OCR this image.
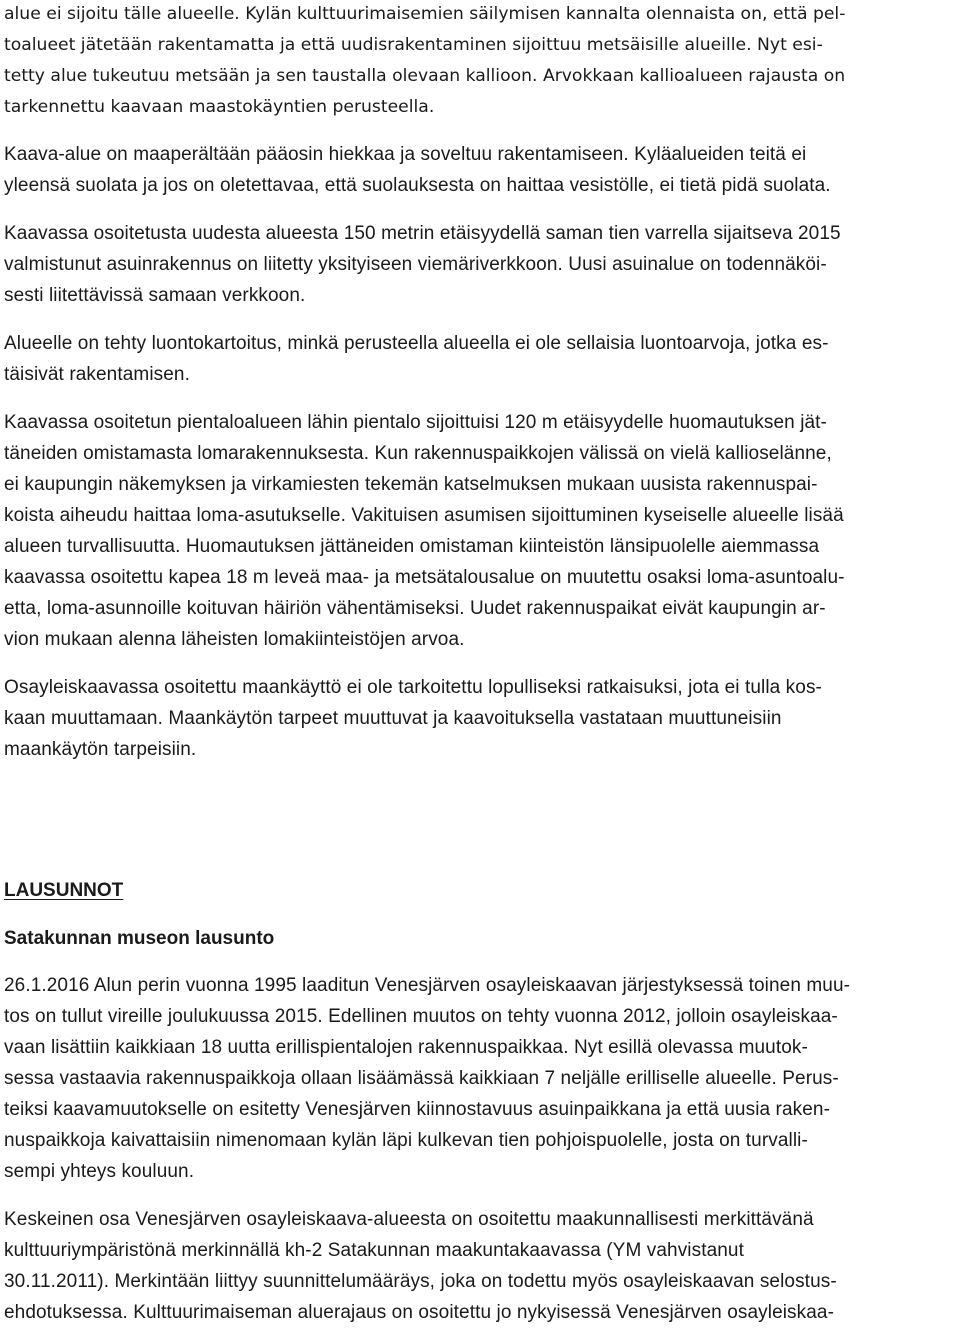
alue ei sijoitu tälle alueelle. Kylän kulttuurimaisemien säilymisen kannalta olennaista on, että pel-
toalueet jätetään rakentamatta ja että uudisrakentaminen sijoittuu metsäisille alueille. Nyt esi-
tetty alue tukeutuu metsään ja sen taustalla olevaan kallioon. Arvokkaan kallioalueen rajausta on
tarkennettu kaavaan maastokäyntien perusteella.
Kaava-alue on maaperältään pääosin hiekkaa ja soveltuu rakentamiseen. Kyläalueiden teitä ei
yleensä suolata ja jos on oletettavaa, että suolauksesta on haittaa vesistölle, ei tietä pidä suolata.
Kaavassa osoitetusta uudesta alueesta 150 metrin etäisyydellä saman tien varrella sijaitseva 2015
valmistunut asuinrakennus on liitetty yksityiseen viemäriverkkoon. Uusi asuinalue on todennäköi-
sesti liitettävissä samaan verkkoon.
Alueelle on tehty luontokartoitus, minkä perusteella alueella ei ole sellaisia luontoarvoja, jotka es-
täisivät rakentamisen.
Kaavassa osoitetun pientaloalueen lähin pientalo sijoittuisi 120 m etäisyydelle huomautuksen jät-
täneiden omistamasta lomarakennuksesta. Kun rakennuspaikkojen välissä on vielä kallioselänne,
ei kaupungin näkemyksen ja virkamiesten tekemän katselmuksen mukaan uusista rakennuspai-
koista aiheudu haittaa loma-asutukselle. Vakituisen asumisen sijoittuminen kyseiselle alueelle lisää
alueen turvallisuutta. Huomautuksen jättäneiden omistaman kiinteistön länsipuolelle aiemmassa
kaavassa osoitettu kapea 18 m leveä maa- ja metsätalousalue on muutettu osaksi loma-asuntoalu-
etta, loma-asunnoille koituvan häiriön vähentämiseksi. Uudet rakennuspaikat eivät kaupungin ar-
vion mukaan alenna läheisten lomakiinteistöjen arvoa.
Osayleiskaavassa osoitettu maankäyttö ei ole tarkoitettu lopulliseksi ratkaisuksi, jota ei tulla kos-
kaan muuttamaan. Maankäytön tarpeet muuttuvat ja kaavoituksella vastataan muuttuneisiin
maankäytön tarpeisiin.
LAUSUNNOT
Satakunnan museon lausunto
26.1.2016 Alun perin vuonna 1995 laaditun Venesjärven osayleiskaavan järjestyksessä toinen muu-
tos on tullut vireille joulukuussa 2015. Edellinen muutos on tehty vuonna 2012, jolloin osayleiskaa-
vaan lisättiin kaikkiaan 18 uutta erillispientalojen rakennuspaikkaa. Nyt esillä olevassa muutok-
sessa vastaavia rakennuspaikkoja ollaan lisäämässä kaikkiaan 7 neljälle erilliselle alueelle. Perus-
teiksi kaavamuutokselle on esitetty Venesjärven kiinnostavuus asuinpaikkana ja että uusia raken-
nuspaikkoja kaivattaisiin nimenomaan kylän läpi kulkevan tien pohjoispuolelle, josta on turvalli-
sempi yhteys kouluun.
Keskeinen osa Venesjärven osayleiskaava-alueesta on osoitettu maakunnallisesti merkittävänä
kulttuuriympäristönä merkinnällä kh-2 Satakunnan maakuntakaavassa (YM vahvistanut
30.11.2011). Merkintään liittyy suunnittelumääräys, joka on todettu myös osayleiskaavan selostus-
ehdotuksessa. Kulttuurimaiseman aluerajaus on osoitettu jo nykyisessä Venesjärven osayleiskaa-
